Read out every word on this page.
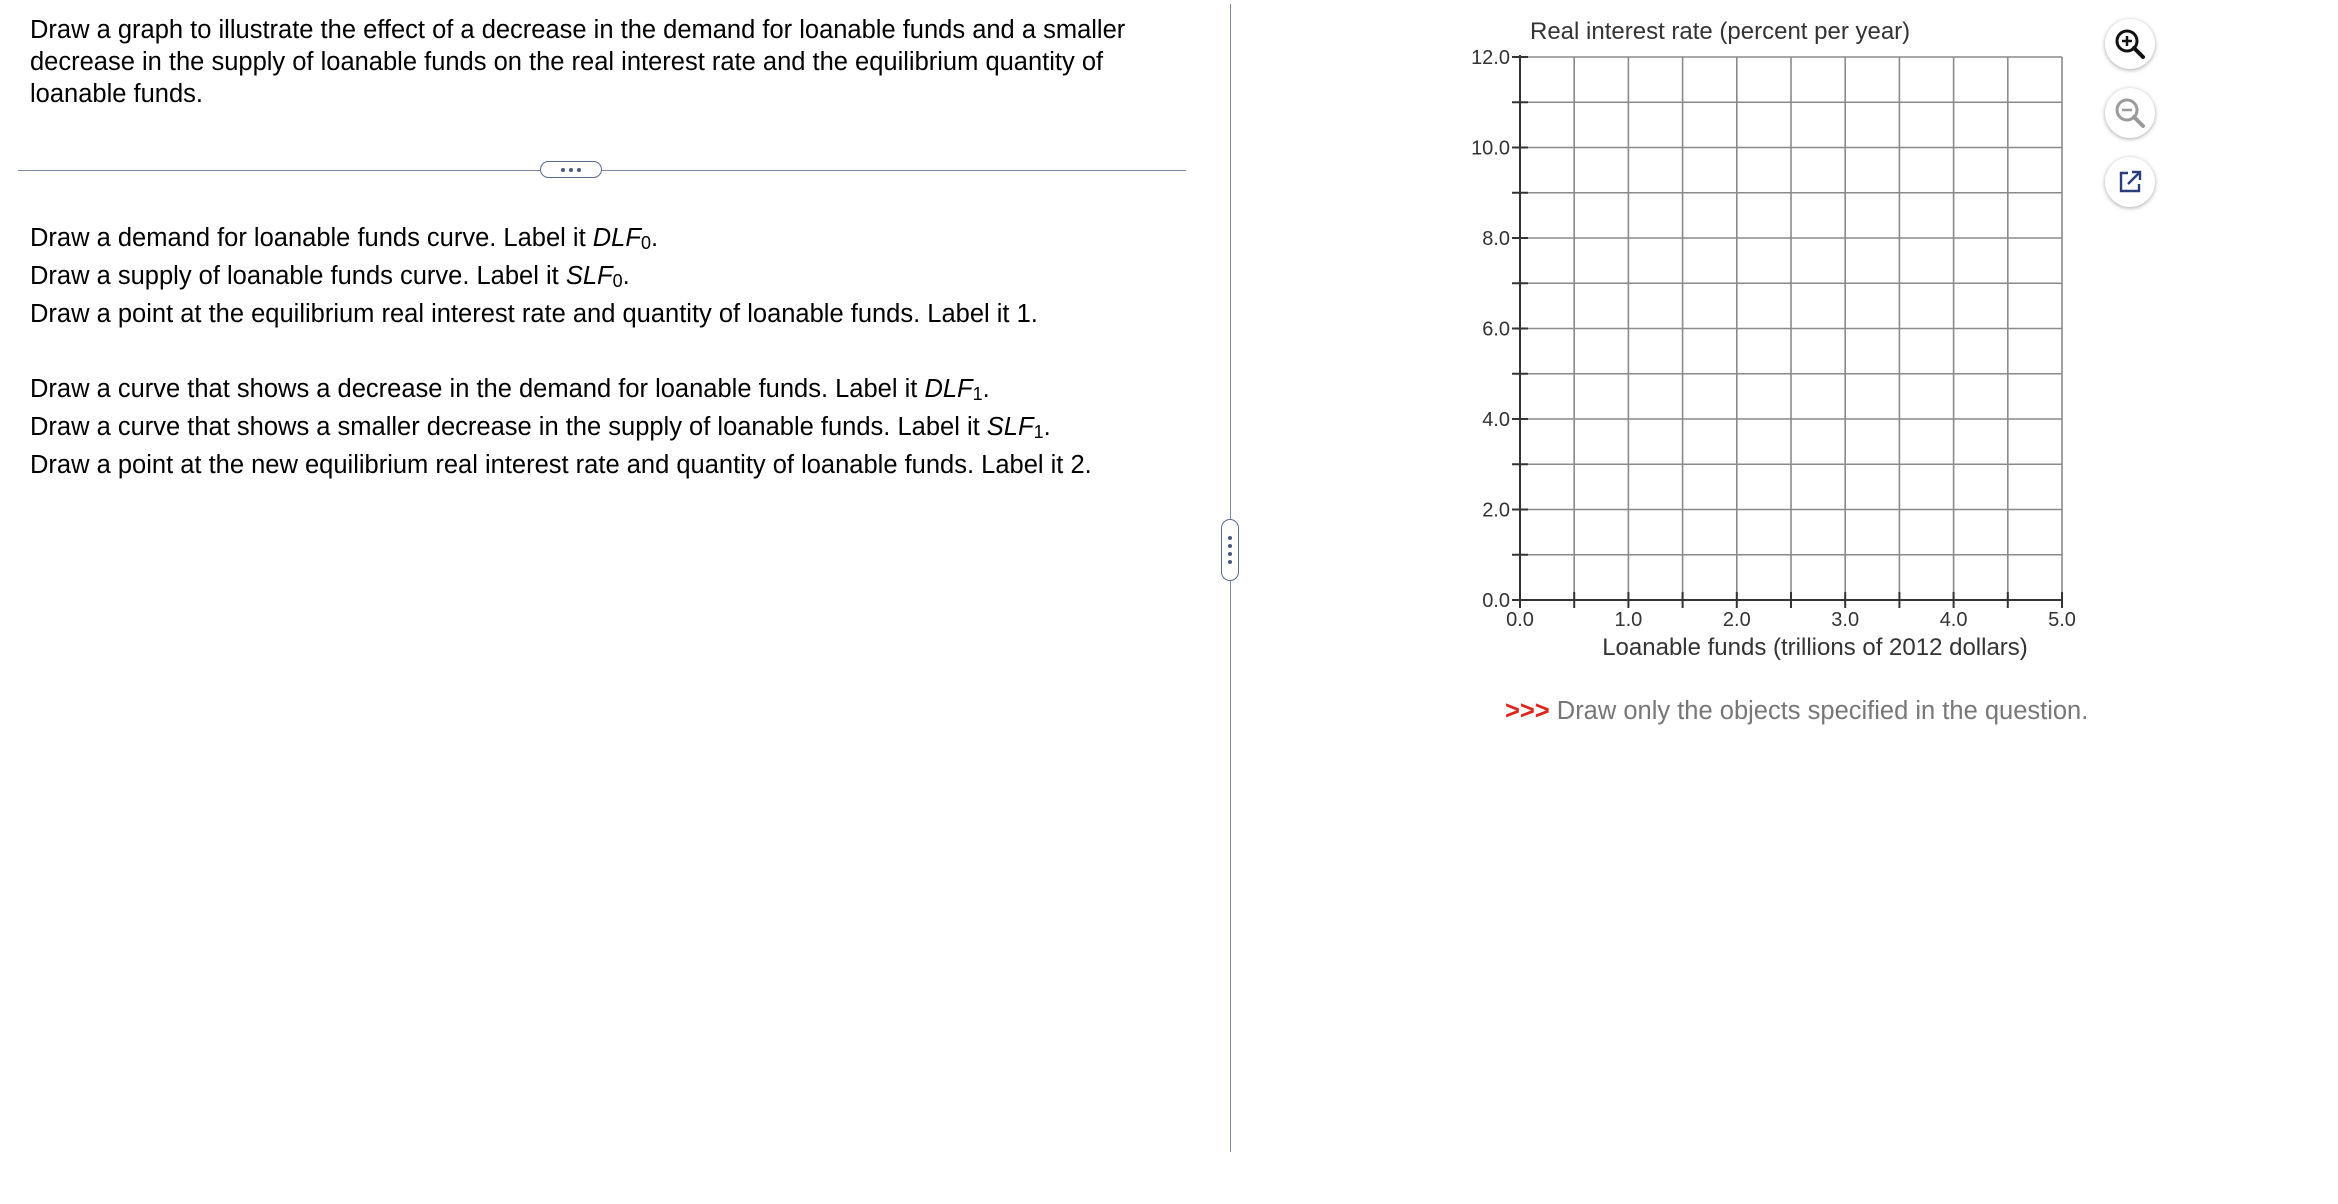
Draw a graph to illustrate the effect of a decrease in the demand for loanable funds and a smaller decrease in the supply of loanable funds on the real interest rate and the equilibrium quantity of loanable funds.

Draw a demand for loanable funds curve. Label it $DLF_0$.

Draw a supply of loanable funds curve. Label it $SLF_0$.

Draw a point at the equilibrium real interest rate and quantity of loanable funds. Label it 1.

Draw a curve that shows a decrease in the demand for loanable funds. Label it $DLF_1$.

Draw a curve that shows a smaller decrease in the supply of loanable funds. Label it $SLF_1$.

Draw a point at the new equilibrium real interest rate and quantity of loanable funds. Label it 2.

0.0
2.0
4.0
6.0
8.0
10.0
12.0
0.0	1.0	2.0	3.0	4.0	5.0
Real interest rate (percent per year)
Loanable funds (trillions of 2012 dollars)

>>> Draw only the objects specified in the question.
